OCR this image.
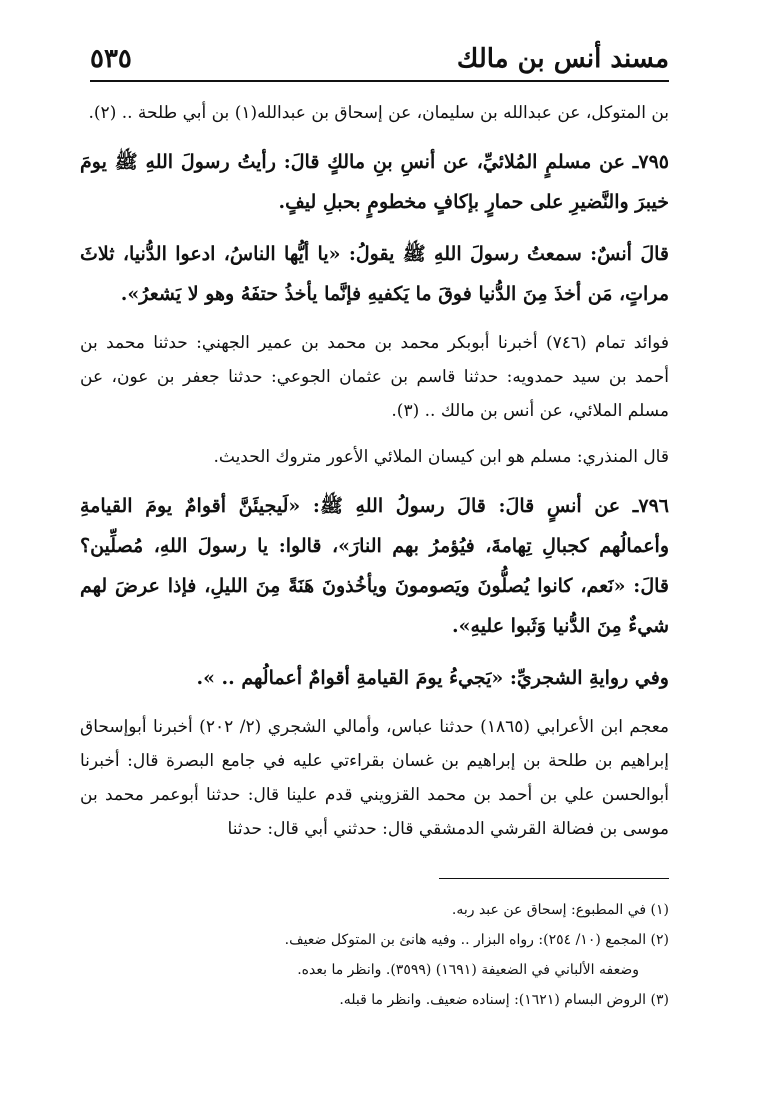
مسند أنس بن مالك
٥٣٥

بن المتوكل، عن عبدالله بن سليمان، عن إسحاق بن عبدالله(١) بن أبي طلحة .. (٢).

٧٩٥ـ عن مسلمٍ المُلائيِّ، عن أنسِ بنِ مالكٍ قالَ: رأيتُ رسولَ اللهِ ﷺ يومَ خيبرَ والنَّضيرِ على حمارٍ بإكافٍ مخطومٍ بحبلِ ليفٍ.

قالَ أنسٌ: سمعتُ رسولَ اللهِ ﷺ يقولُ: «يا أيُّها الناسُ، ادعوا الدُّنيا، ثلاثَ مراتٍ، مَن أخذَ مِنَ الدُّنيا فوقَ ما يَكفيهِ فإنَّما يأخذُ حتفَهُ وهو لا يَشعرُ».

فوائد تمام (٧٤٦) أخبرنا أبوبكر محمد بن محمد بن عمير الجهني: حدثنا محمد بن أحمد بن سيد حمدويه: حدثنا قاسم بن عثمان الجوعي: حدثنا جعفر بن عون، عن مسلم الملائي، عن أنس بن مالك .. (٣).

قال المنذري: مسلم هو ابن كيسان الملائي الأعور متروك الحديث.

٧٩٦ـ عن أنسٍ قالَ: قالَ رسولُ اللهِ ﷺ: «لَيجيئَنَّ أقوامٌ يومَ القيامةِ وأعمالُهم كجبالِ تِهامةَ، فيُؤمرُ بهم النارَ»، قالوا: يا رسولَ اللهِ، مُصلِّين؟ قالَ: «نَعم، كانوا يُصلُّونَ ويَصومونَ ويأخُذونَ هَنَةً مِنَ الليلِ، فإذا عرضَ لهم شيءٌ مِنَ الدُّنيا وَثَبوا عليهِ».

وفي روايةِ الشجريِّ: «يَجيءُ يومَ القيامةِ أقوامٌ أعمالُهم .. ».

معجم ابن الأعرابي (١٨٦٥) حدثنا عباس، وأمالي الشجري (٢/ ٢٠٢) أخبرنا أبوإسحاق إبراهيم بن طلحة بن إبراهيم بن غسان بقراءتي عليه في جامع البصرة قال: أخبرنا أبوالحسن علي بن أحمد بن محمد القزويني قدم علينا قال: حدثنا أبوعمر محمد بن موسى بن فضالة القرشي الدمشقي قال: حدثني أبي قال: حدثنا

(١) في المطبوع: إسحاق عن عبد ربه.

(٢) المجمع (١٠/ ٢٥٤): رواه البزار .. وفيه هانئ بن المتوكل ضعيف.

وضعفه الألباني في الضعيفة (١٦٩١) (٣٥٩٩). وانظر ما بعده.

(٣) الروض البسام (١٦٢١): إسناده ضعيف. وانظر ما قبله.
